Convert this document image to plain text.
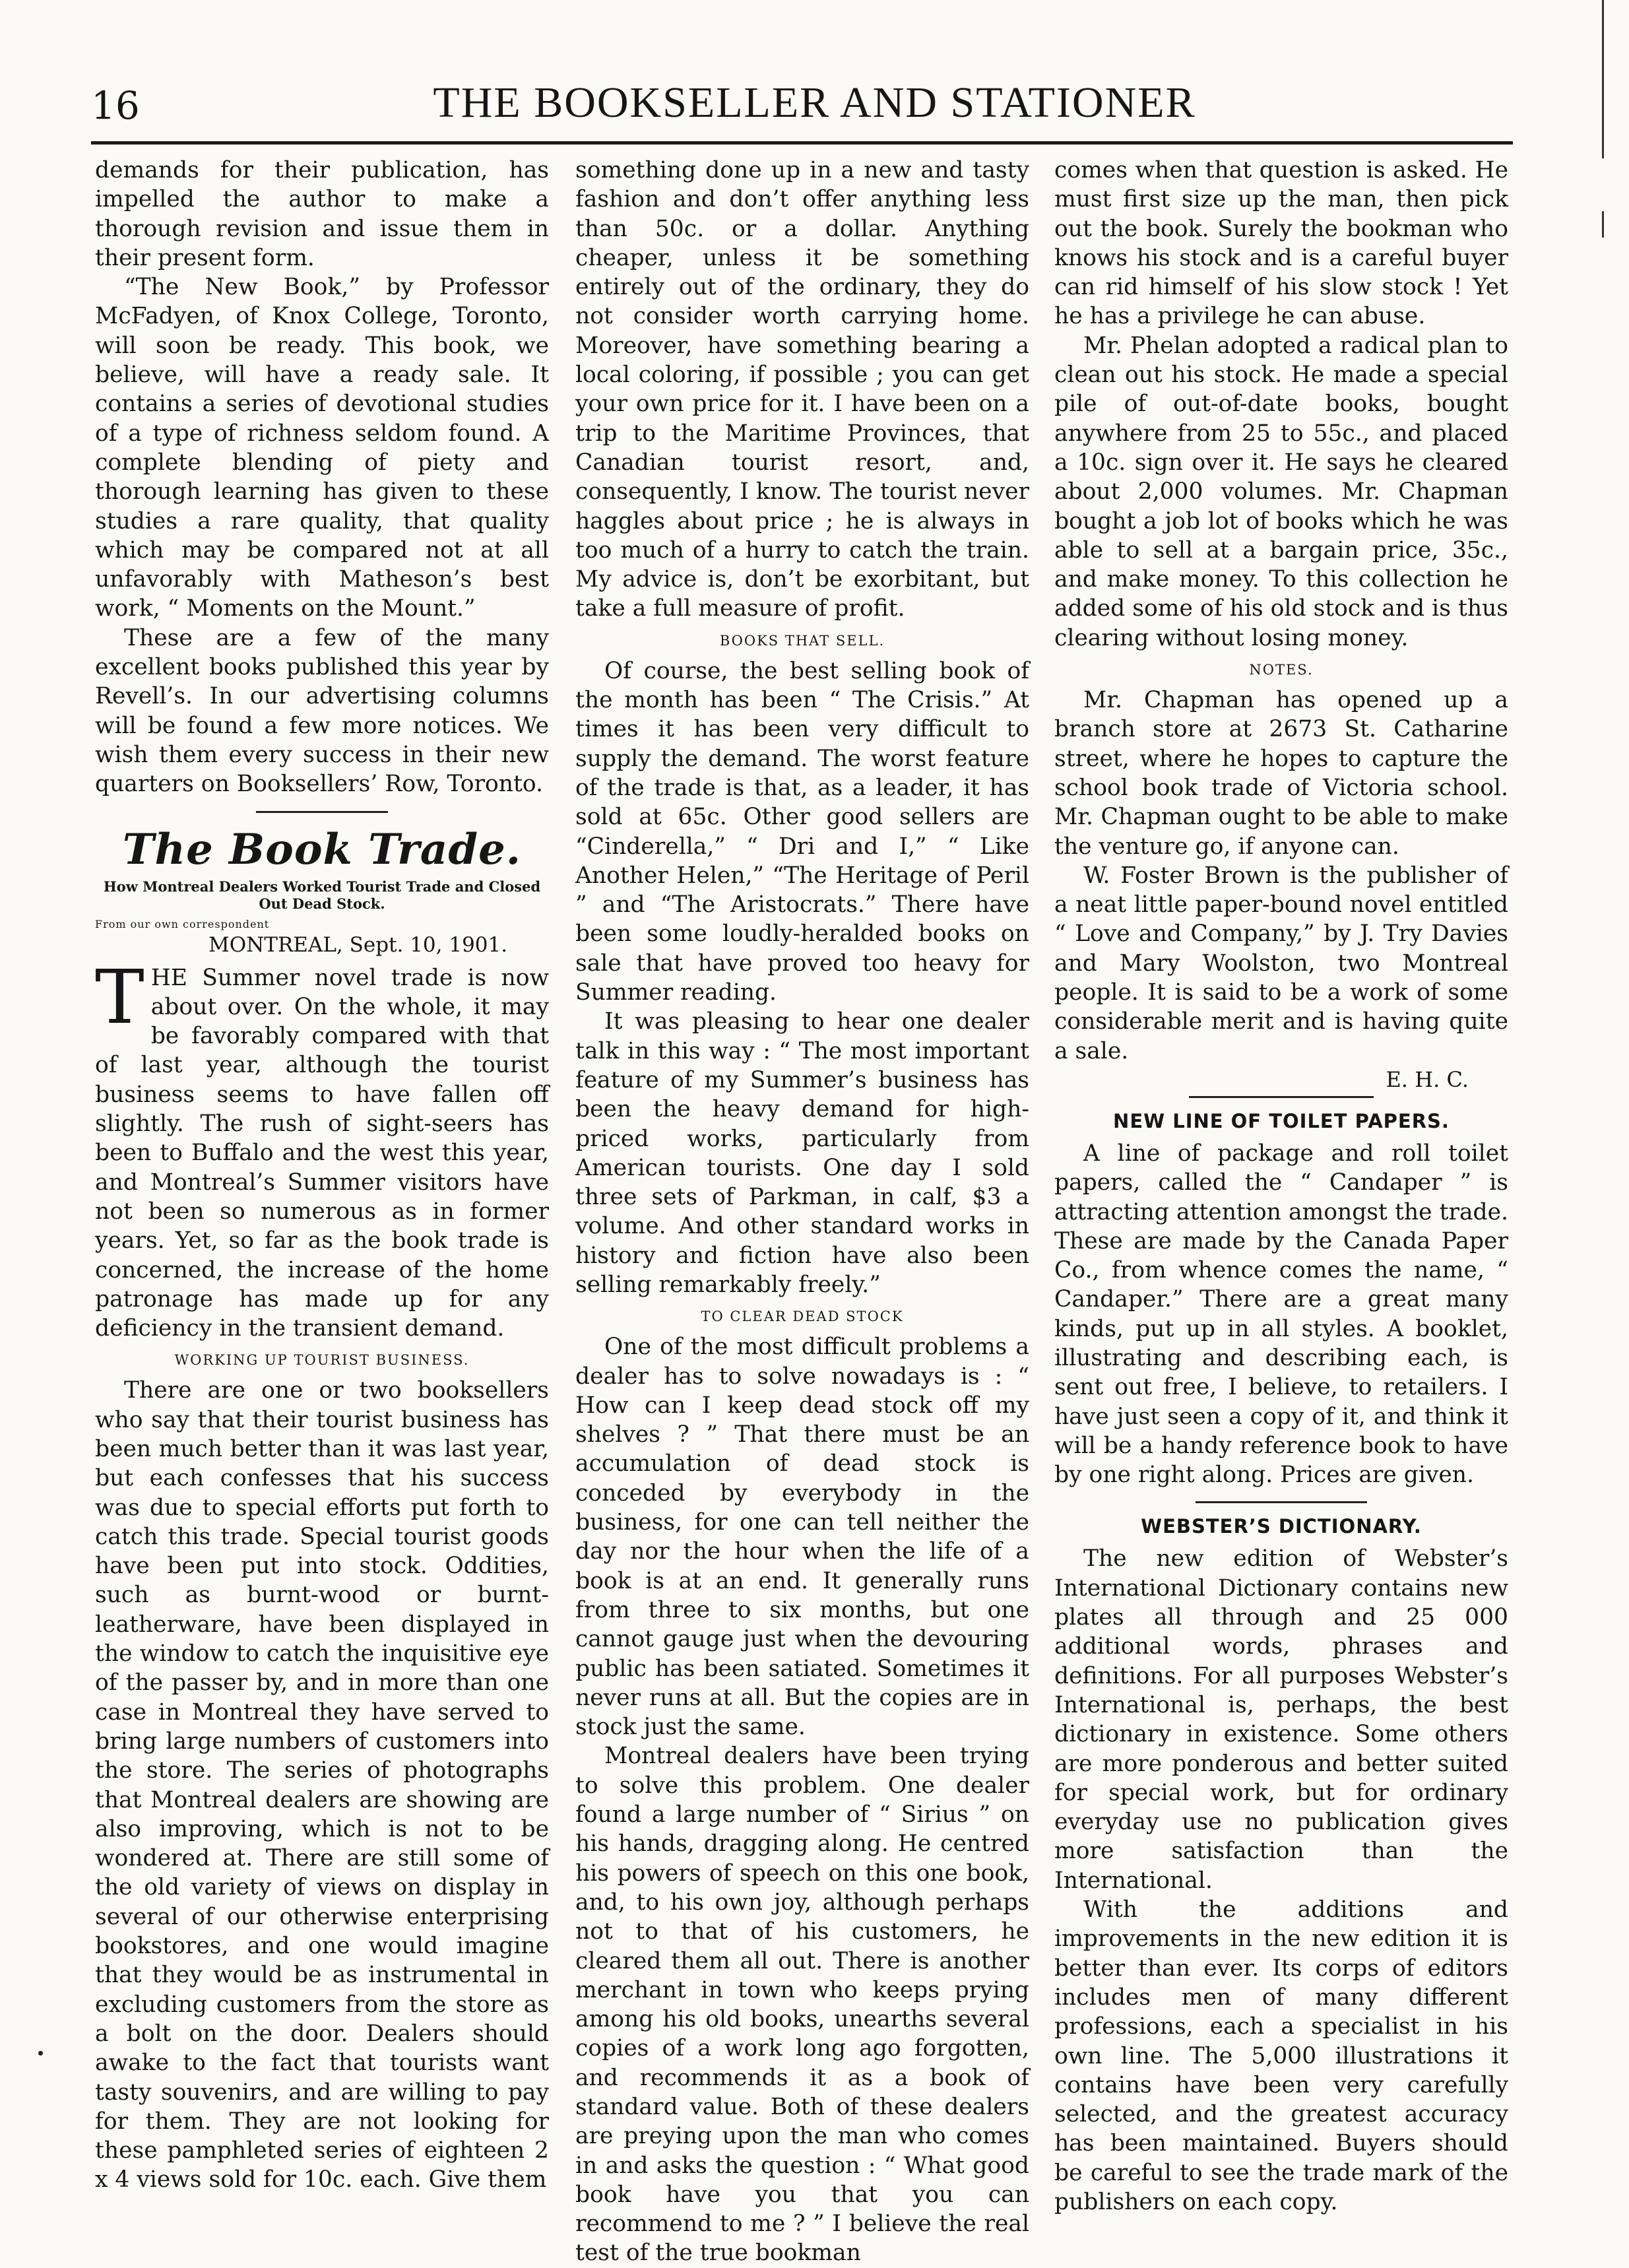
16	THE BOOKSELLER AND STATIONER

demands for their publication, has impelled the author to make a thorough revision and issue them in their present form.

“The New Book,” by Professor McFadyen, of Knox College, Toronto, will soon be ready. This book, we believe, will have a ready sale. It contains a series of devotional studies of a type of richness seldom found. A complete blending of piety and thorough learning has given to these studies a rare quality, that quality which may be compared not at all unfavorably with Matheson’s best work, “ Moments on the Mount.”

These are a few of the many excellent books published this year by Revell’s. In our advertising columns will be found a few more notices. We wish them every success in their new quarters on Booksellers’ Row, Toronto.

The Book Trade.
How Montreal Dealers Worked Tourist Trade and Closed Out Dead Stock.
From our own correspondent
MONTREAL, Sept. 10, 1901.

THE Summer novel trade is now about over. On the whole, it may be favorably compared with that of last year, although the tourist business seems to have fallen off slightly. The rush of sight-seers has been to Buffalo and the west this year, and Montreal’s Summer visitors have not been so numerous as in former years. Yet, so far as the book trade is concerned, the increase of the home patronage has made up for any deficiency in the transient demand.

WORKING UP TOURIST BUSINESS.

There are one or two booksellers who say that their tourist business has been much better than it was last year, but each confesses that his success was due to special efforts put forth to catch this trade. Special tourist goods have been put into stock. Oddities, such as burnt-wood or burnt-leatherware, have been displayed in the window to catch the inquisitive eye of the passer by, and in more than one case in Montreal they have served to bring large numbers of customers into the store. The series of photographs that Montreal dealers are showing are also improving, which is not to be wondered at. There are still some of the old variety of views on display in several of our otherwise enterprising bookstores, and one would imagine that they would be as instrumental in excluding customers from the store as a bolt on the door. Dealers should awake to the fact that tourists want tasty souvenirs, and are willing to pay for them. They are not looking for these pamphleted series of eighteen 2 x 4 views sold for 10c. each. Give them

something done up in a new and tasty fashion and don’t offer anything less than 50c. or a dollar. Anything cheaper, unless it be something entirely out of the ordinary, they do not consider worth carrying home. Moreover, have something bearing a local coloring, if possible ; you can get your own price for it. I have been on a trip to the Maritime Provinces, that Canadian tourist resort, and, consequently, I know. The tourist never haggles about price ; he is always in too much of a hurry to catch the train. My advice is, don’t be exorbitant, but take a full measure of profit.

BOOKS THAT SELL.

Of course, the best selling book of the month has been “ The Crisis.” At times it has been very difficult to supply the demand. The worst feature of the trade is that, as a leader, it has sold at 65c. Other good sellers are “Cinderella,” “ Dri and I,” “ Like Another Helen,” “The Heritage of Peril ” and “The Aristocrats.” There have been some loudly-heralded books on sale that have proved too heavy for Summer reading.

It was pleasing to hear one dealer talk in this way : “ The most important feature of my Summer’s business has been the heavy demand for high-priced works, particularly from American tourists. One day I sold three sets of Parkman, in calf, $3 a volume. And other standard works in history and fiction have also been selling remarkably freely.”

TO CLEAR DEAD STOCK

One of the most difficult problems a dealer has to solve nowadays is : “ How can I keep dead stock off my shelves ? ” That there must be an accumulation of dead stock is conceded by everybody in the business, for one can tell neither the day nor the hour when the life of a book is at an end. It generally runs from three to six months, but one cannot gauge just when the devouring public has been satiated. Sometimes it never runs at all. But the copies are in stock just the same.

Montreal dealers have been trying to solve this problem. One dealer found a large number of “ Sirius ” on his hands, dragging along. He centred his powers of speech on this one book, and, to his own joy, although perhaps not to that of his customers, he cleared them all out. There is another merchant in town who keeps prying among his old books, unearths several copies of a work long ago forgotten, and recommends it as a book of standard value. Both of these dealers are preying upon the man who comes in and asks the question : “ What good book have you that you can recommend to me ? ” I believe the real test of the true bookman

comes when that question is asked. He must first size up the man, then pick out the book. Surely the bookman who knows his stock and is a careful buyer can rid himself of his slow stock ! Yet he has a privilege he can abuse.

Mr. Phelan adopted a radical plan to clean out his stock. He made a special pile of out-of-date books, bought anywhere from 25 to 55c., and placed a 10c. sign over it. He says he cleared about 2,000 volumes. Mr. Chapman bought a job lot of books which he was able to sell at a bargain price, 35c., and make money. To this collection he added some of his old stock and is thus clearing without losing money.

NOTES.

Mr. Chapman has opened up a branch store at 2673 St. Catharine street, where he hopes to capture the school book trade of Victoria school. Mr. Chapman ought to be able to make the venture go, if anyone can.

W. Foster Brown is the publisher of a neat little paper-bound novel entitled “ Love and Company,” by J. Try Davies and Mary Woolston, two Montreal people. It is said to be a work of some considerable merit and is having quite a sale.

E. H. C.
NEW LINE OF TOILET PAPERS.

A line of package and roll toilet papers, called the “ Candaper ” is attracting attention amongst the trade. These are made by the Canada Paper Co., from whence comes the name, “ Candaper.” There are a great many kinds, put up in all styles. A booklet, illustrating and describing each, is sent out free, I believe, to retailers. I have just seen a copy of it, and think it will be a handy reference book to have by one right along. Prices are given.

WEBSTER’S DICTIONARY.

The new edition of Webster’s International Dictionary contains new plates all through and 25 000 additional words, phrases and definitions. For all purposes Webster’s International is, perhaps, the best dictionary in existence. Some others are more ponderous and better suited for special work, but for ordinary everyday use no publication gives more satisfaction than the International.

With the additions and improvements in the new edition it is better than ever. Its corps of editors includes men of many different professions, each a specialist in his own line. The 5,000 illustrations it contains have been very carefully selected, and the greatest accuracy has been maintained. Buyers should be careful to see the trade mark of the publishers on each copy.
